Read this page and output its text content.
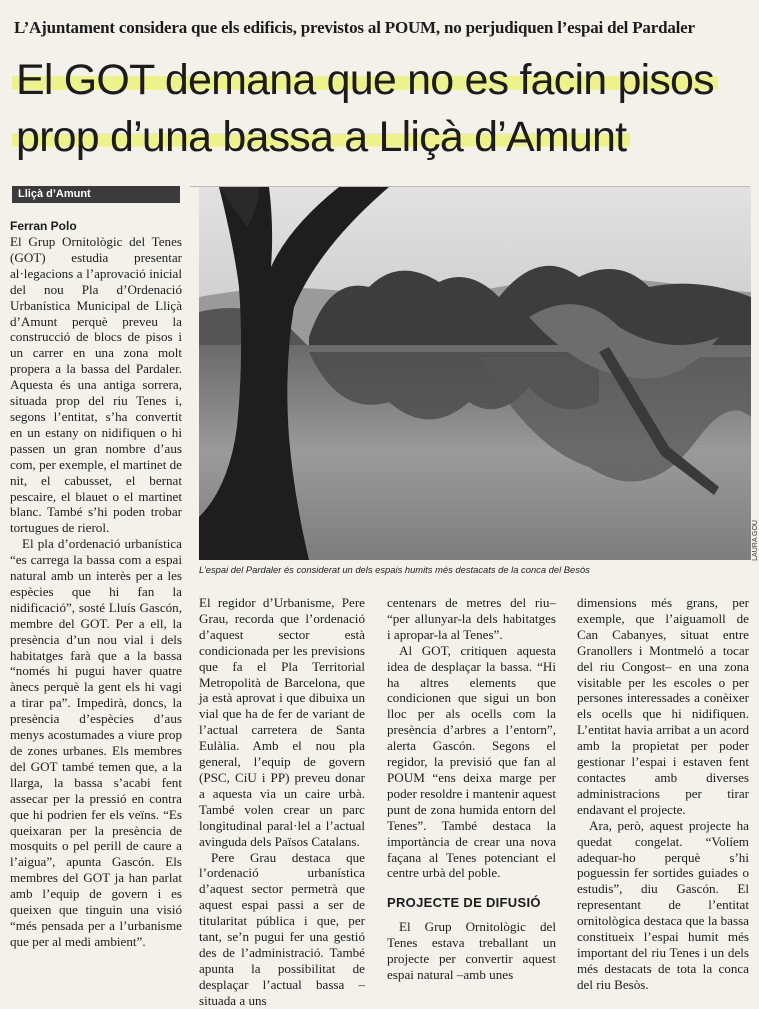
L’Ajuntament considera que els edificis, previstos al POUM, no perjudiquen l’espai del Pardaler
El GOT demana que no es facin pisos
prop d’una bassa a Lliçà d’Amunt
Lliçà d’Amunt
Ferran Polo

El Grup Ornitològic del Tenes (GOT) estudia presentar al·legacions a l’aprovació inicial del nou Pla d’Ordenació Urbanística Municipal de Lliçà d’Amunt perquè preveu la construcció de blocs de pisos i un carrer en una zona molt propera a la bassa del Pardaler. Aquesta és una antiga sorrera, situada prop del riu Tenes i, segons l’entitat, s’ha convertit en un estany on nidifiquen o hi passen un gran nombre d’aus com, per exemple, el martinet de nit, el cabusset, el bernat pescaire, el blauet o el martinet blanc. També s’hi poden trobar tortugues de rierol.

El pla d’ordenació urbanística “es carrega la bassa com a espai natural amb un interès per a les espècies que hi fan la nidificació”, sosté Lluís Gascón, membre del GOT. Per a ell, la presència d’un nou vial i dels habitatges farà que a la bassa “només hi pugui haver quatre ànecs perquè la gent els hi vagi a tirar pa”. Impedirà, doncs, la presència d’espècies d’aus menys acostumades a viure prop de zones urbanes. Els membres del GOT també temen que, a la llarga, la bassa s’acabi fent assecar per la pressió en contra que hi podrien fer els veïns. “Es queixaran per la presència de mosquits o pel perill de caure a l’aigua”, apunta Gascón. Els membres del GOT ja han parlat amb l’equip de govern i es queixen que tinguin una visió “més pensada per a l’urbanisme que per al medi ambient”.

LAURA GOU
L’espai del Pardaler és considerat un dels espais humits més destacats de la conca del Besòs

El regidor d’Urbanisme, Pere Grau, recorda que l’ordenació d’aquest sector està condicionada per les previsions que fa el Pla Territorial Metropolità de Barcelona, que ja està aprovat i que dibuixa un vial que ha de fer de variant de l’actual carretera de Santa Eulàlia. Amb el nou pla general, l’equip de govern (PSC, CiU i PP) preveu donar a aquesta via un caire urbà. També volen crear un parc longitudinal paral·lel a l’actual avinguda dels Països Catalans.

Pere Grau destaca que l’ordenació urbanística d’aquest sector permetrà que aquest espai passi a ser de titularitat pública i que, per tant, se’n pugui fer una gestió des de l’administració. També apunta la possibilitat de desplaçar l’actual bassa –situada a uns

centenars de metres del riu– “per allunyar-la dels habitatges i apropar-la al Tenes”.

Al GOT, critiquen aquesta idea de desplaçar la bassa. “Hi ha altres elements que condicionen que sigui un bon lloc per als ocells com la presència d’arbres a l’entorn”, alerta Gascón. Segons el regidor, la previsió que fan al POUM “ens deixa marge per poder resoldre i mantenir aquest punt de zona humida entorn del Tenes”. També destaca la importància de crear una nova façana al Tenes potenciant el centre urbà del poble.

PROJECTE DE DIFUSIÓ

El Grup Ornitològic del Tenes estava treballant un projecte per convertir aquest espai natural –amb unes

dimensions més grans, per exemple, que l’aiguamoll de Can Cabanyes, situat entre Granollers i Montmeló a tocar del riu Congost– en una zona visitable per les escoles o per persones interessades a conèixer els ocells que hi nidifiquen. L’entitat havia arribat a un acord amb la propietat per poder gestionar l’espai i estaven fent contactes amb diverses administracions per tirar endavant el projecte.

Ara, però, aquest projecte ha quedat congelat. “Volíem adequar-ho perquè s’hi poguessin fer sortides guiades o estudis”, diu Gascón. El representant de l’entitat ornitològica destaca que la bassa constitueix l’espai humit més important del riu Tenes i un dels més destacats de tota la conca del riu Besòs.
